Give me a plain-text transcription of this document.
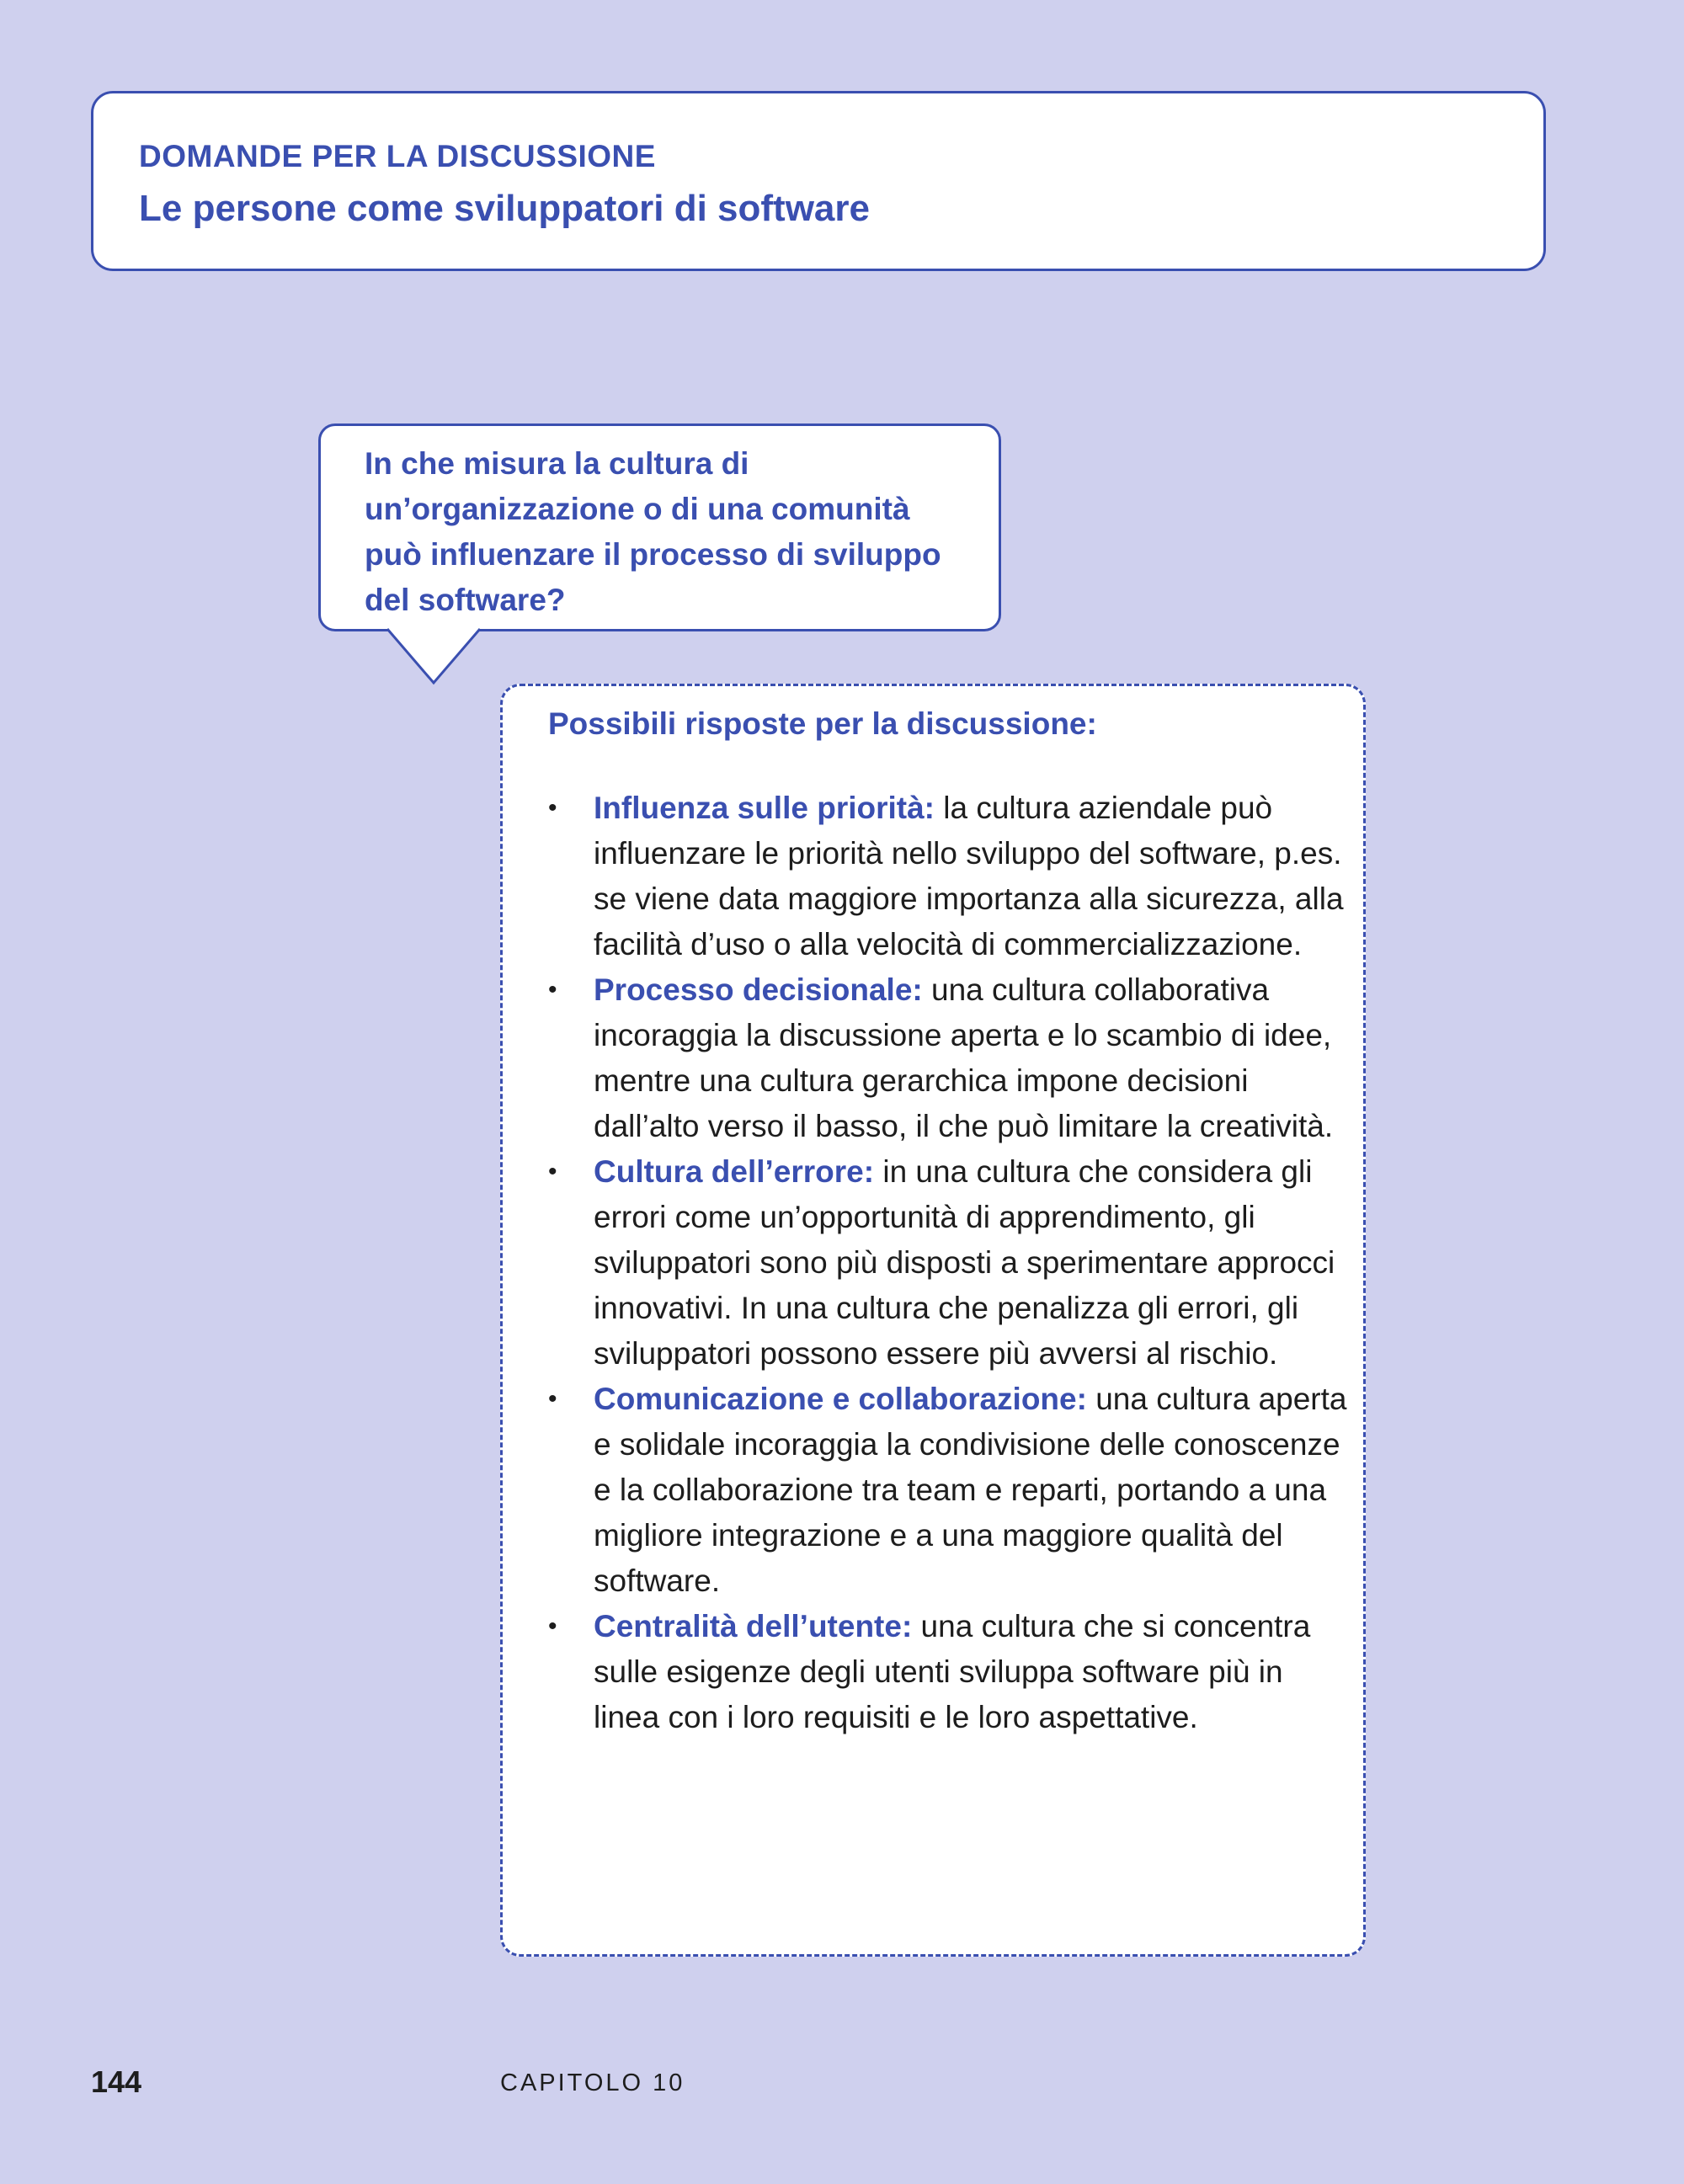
DOMANDE PER LA DISCUSSIONE
Le persone come sviluppatori di software

In che misura la cultura di un’organizzazione o di una comunità può influenzare il processo di sviluppo del software?

Possibili risposte per la discussione:
• Influenza sulle priorità: la cultura aziendale può influenzare le priorità nello sviluppo del software, p.es. se viene data maggiore importanza alla sicurezza, alla facilità d’uso o alla velocità di commercializzazione.
• Processo decisionale: una cultura collaborativa incoraggia la discussione aperta e lo scambio di idee, mentre una cultura gerarchica impone decisioni dall’alto verso il basso, il che può limitare la creatività.
• Cultura dell’errore: in una cultura che considera gli errori come un’opportunità di apprendimento, gli sviluppatori sono più disposti a sperimentare approcci innovativi. In una cultura che penalizza gli errori, gli sviluppatori possono essere più avversi al rischio.
• Comunicazione e collaborazione: una cultura aperta e solidale incoraggia la condivisione delle conoscenze e la collaborazione tra team e reparti, portando a una migliore integrazione e a una maggiore qualità del software.
• Centralità dell’utente: una cultura che si concentra sulle esigenze degli utenti sviluppa software più in linea con i loro requisiti e le loro aspettative.
144	CAPITOLO 10
